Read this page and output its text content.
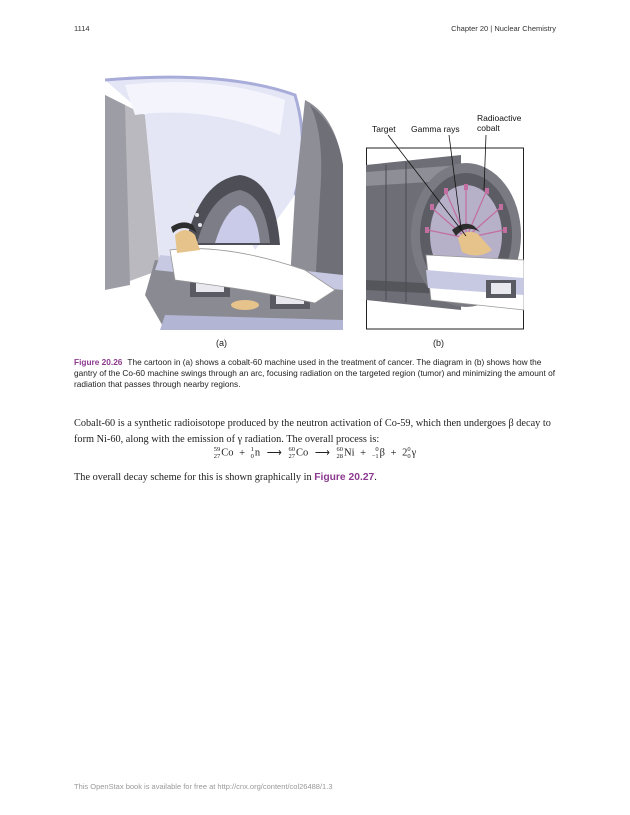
1114	Chapter 20 | Nuclear Chemistry
Target Gamma rays
Radioactive
cobalt
(a)	(b)
Figure 20.26 The cartoon in (a) shows a cobalt-60 machine used in the treatment of cancer. The diagram in (b) shows how the gantry of the Co-60 machine swings through an arc, focusing radiation on the targeted region (tumor) and minimizing the amount of radiation that passes through nearby regions.
Cobalt-60 is a synthetic radioisotope produced by the neutron activation of Co-59, which then undergoes β decay to form Ni-60, along with the emission of γ radiation. The overall process is:
59
27 Co + 1
0 n ⟶ 60
27 Co ⟶ 60
28 Ni + 0
−1 β + 2 0
0 γ
The overall decay scheme for this is shown graphically in Figure 20.27.
This OpenStax book is available for free at http://cnx.org/content/col26488/1.3
